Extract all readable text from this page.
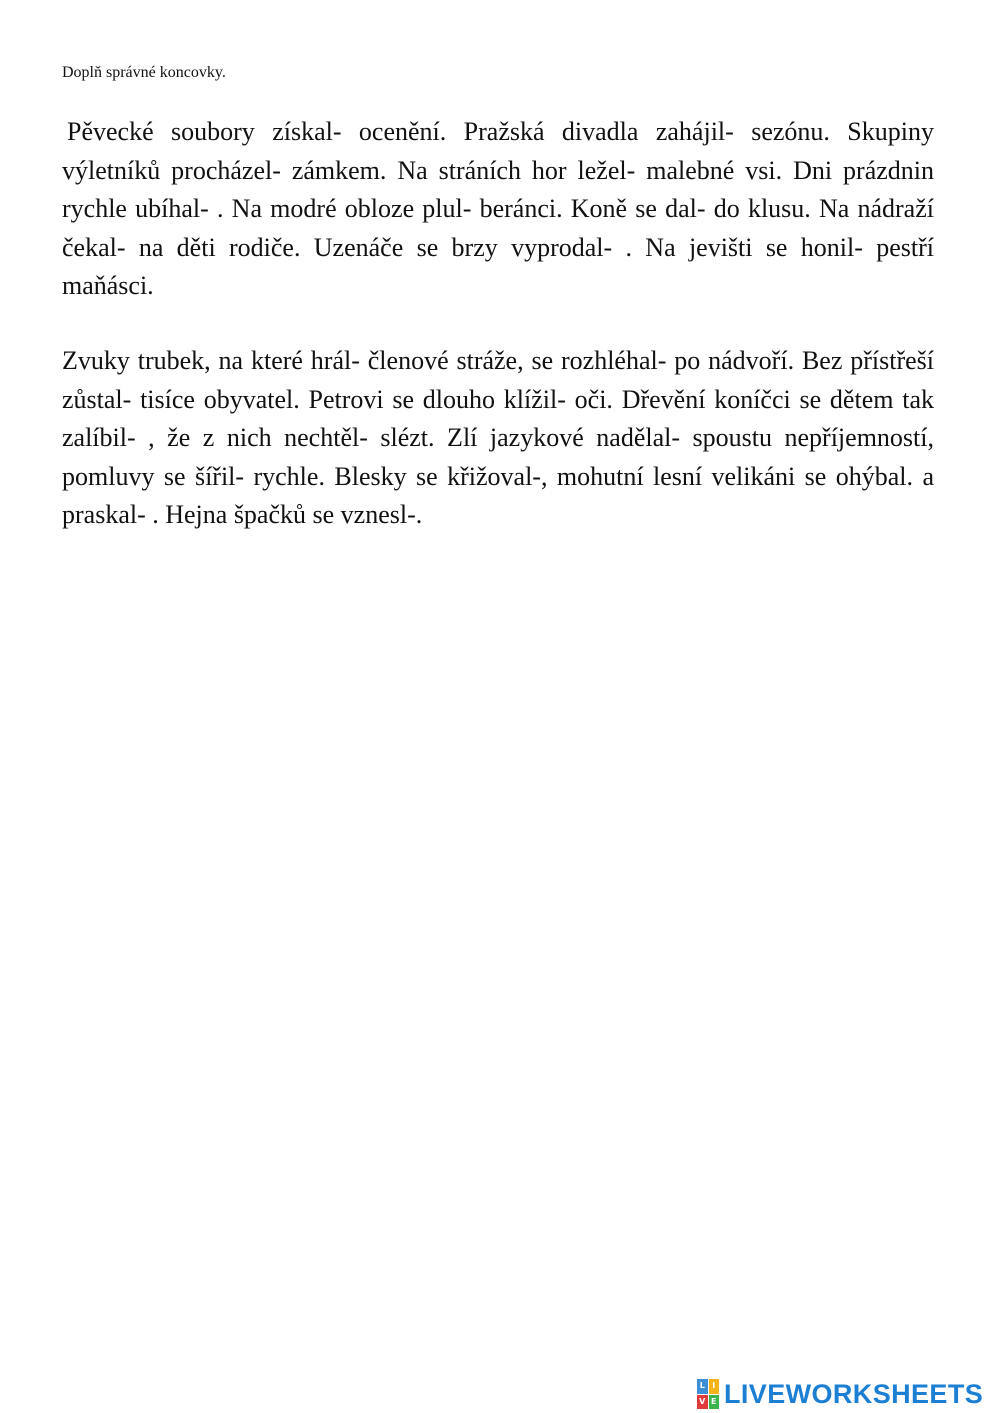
Doplň správné koncovky.

Pěvecké soubory získal- ocenění. Pražská divadla zahájil- sezónu. Skupiny výletníků procházel- zámkem. Na stráních hor ležel- malebné vsi. Dni prázdnin rychle ubíhal- . Na modré obloze plul- beránci. Koně se dal- do klusu. Na nádraží čekal- na děti rodiče. Uzenáče se brzy vyprodal- . Na jevišti se honil- pestří maňásci.

Zvuky trubek, na které hrál- členové stráže, se rozhléhal- po nádvoří. Bez přístřeší zůstal- tisíce obyvatel. Petrovi se dlouho klížil- oči. Dřevění koníčci se dětem tak zalíbil- , že z nich nechtěl- slézt. Zlí jazykové nadělal- spoustu nepříjemností, pomluvy se šířil- rychle. Blesky se křižoval-, mohutní lesní velikáni se ohýbal. a praskal- . Hejna špačků se vznesl-.

L I
V E LIVEWORKSHEETS
